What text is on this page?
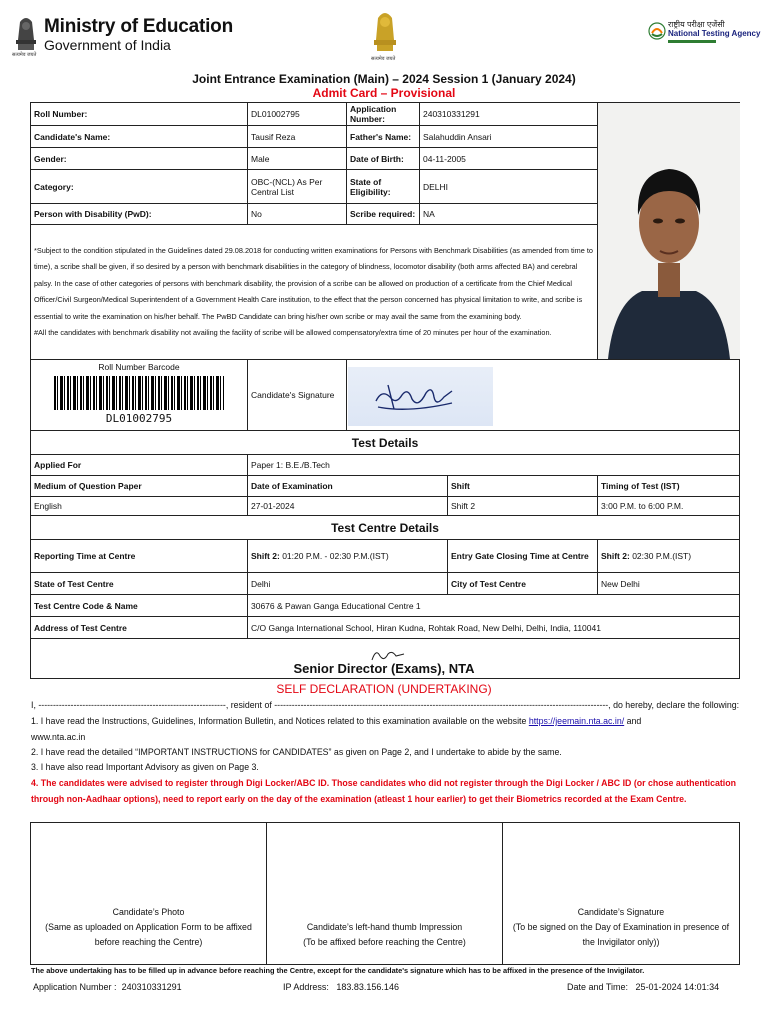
Ministry of Education
Government of India
सत्यमेव जयते
सत्यमेव जयते
राष्ट्रीय परीक्षा एजेंसी
National Testing Agency
Joint Entrance Examination (Main) – 2024 Session 1 (January 2024)
Admit Card – Provisional
Roll Number:	DL01002795	Application Number:	240310331291	

Candidate's Name:	Tausif Reza	Father's Name:	Salahuddin Ansari	
Gender:	Male	Date of Birth:	04-11-2005	
Category:	OBC-(NCL) As Per Central List	State of Eligibility:	DELHI	
Person with Disability (PwD):	No	Scribe required:	NA	

*Subject to the condition stipulated in the Guidelines dated 29.08.2018 for conducting written examinations for Persons with Benchmark Disabilities (as amended from time to time), a scribe shall be given, if so desired by a person with benchmark disabilities in the category of blindness, locomotor disability (both arms affected BA) and cerebral palsy. In the case of other categories of persons with benchmark disability, the provision of a scribe can be allowed on production of a certificate from the Chief Medical Officer/Civil Surgeon/Medical Superintendent of a Government Health Care institution, to the effect that the person concerned has physical limitation to write, and scribe is essential to write the examination on his/her behalf. The PwBD Candidate can bring his/her own scribe or may avail the same from the examining body.
#All the candidates with benchmark disability not availing the facility of scribe will be allowed compensatory/extra time of 20 minutes per hour of the examination.				

Roll Number Barcode
DL01002795	Candidate's Signature			
Test Details			
Applied For	Paper 1: B.E./B.Tech		
Medium of Question Paper	Date of Examination	Shift	Timing of Test (IST)
English	27-01-2024	Shift 2	3:00 P.M. to 6:00 P.M.
Test Centre Details			
Reporting Time at Centre	Shift 2: 01:20 P.M. - 02:30 P.M.(IST)	Entry Gate Closing Time at Centre	Shift 2: 02:30 P.M.(IST)
State of Test Centre	Delhi	City of Test Centre	New Delhi
Test Centre Code & Name	30676 & Pawan Ganga Educational Centre 1		
Address of Test Centre	C/O Ganga International School, Hiran Kudna, Rohtak Road, New Delhi, Delhi, India, 110041		

Senior Director (Exams), NTA
SELF DECLARATION (UNDERTAKING)
I, ----------------------------------------------------------------, resident of ------------------------------------------------------------------------------------------------------------------, do hereby, declare the following:
1. I have read the Instructions, Guidelines, Information Bulletin, and Notices related to this examination available on the website https://jeemain.nta.ac.in/ and
www.nta.ac.in
2. I have read the detailed “IMPORTANT INSTRUCTIONS for CANDIDATES” as given on Page 2, and I undertake to abide by the same.
3. I have also read Important Advisory as given on Page 3.
4. The candidates were advised to register through Digi Locker/ABC ID. Those candidates who did not register through the Digi Locker / ABC ID (or chose authentication through non-Aadhaar options), need to report early on the day of the examination (atleast 1 hour earlier) to get their Biometrics recorded at the Exam Centre.
Candidate’s Photo
(Same as uploaded on Application Form to be affixed before reaching the Centre)

Candidate’s left-hand thumb Impression
(To be affixed before reaching the Centre)

Candidate’s Signature
(To be signed on the Day of Examination in presence of the Invigilator only))
The above undertaking has to be filled up in advance before reaching the Centre, except for the candidate's signature which has to be affixed in the presence of the Invigilator.
Application Number : 240310331291	IP Address: 183.83.156.146	Date and Time: 25-01-2024 14:01:34
